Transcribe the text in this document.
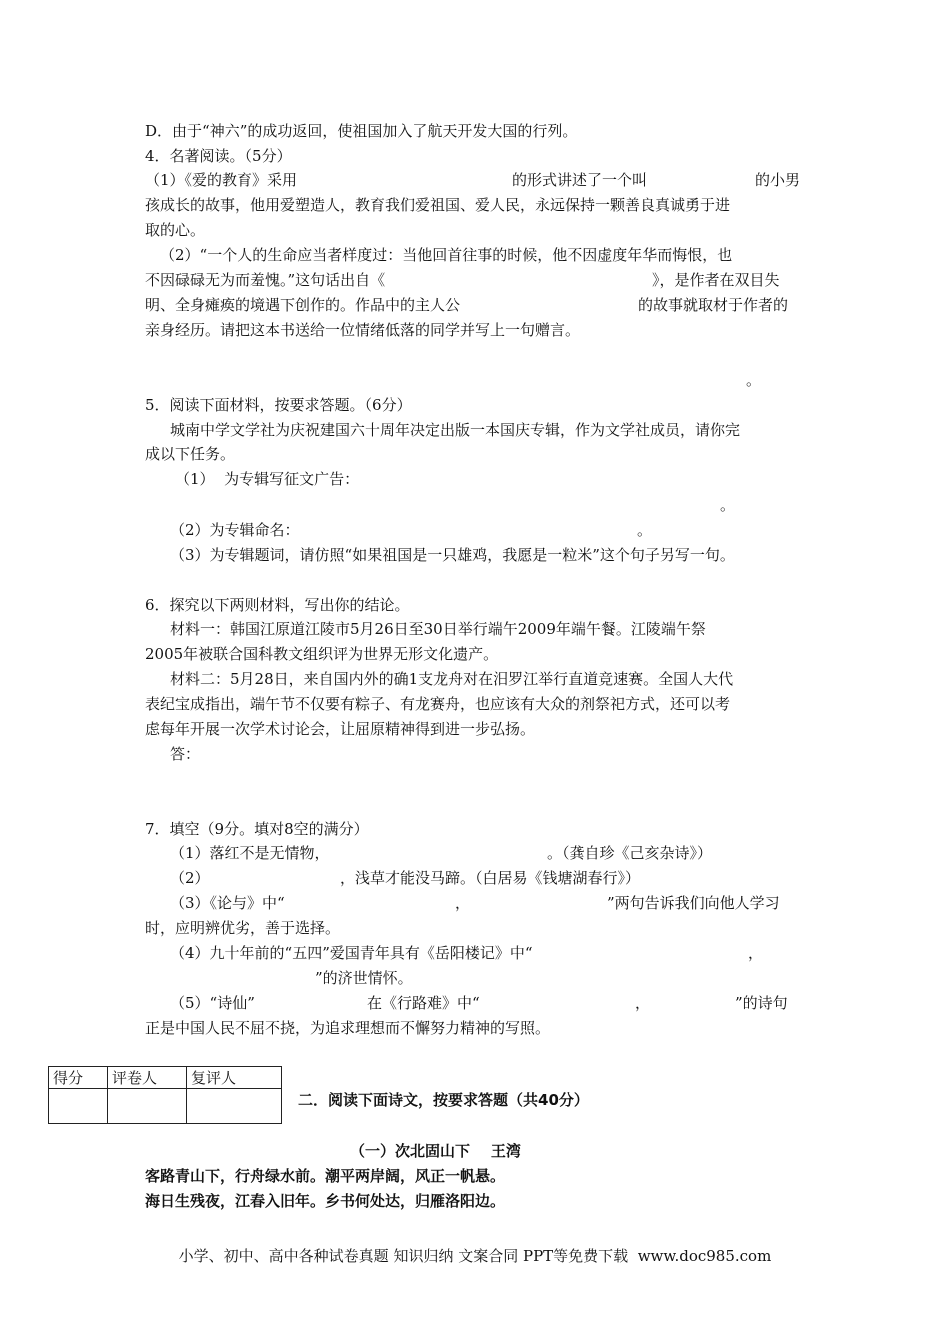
D．由于“神六”的成功返回，使祖国加入了航天开发大国的行列。

4．名著阅读。（5分）

（1）《爱的教育》采用

	的形式讲述了一个叫

	的小男

孩成长的故事，他用爱塑造人，教育我们爱祖国、爱人民，永远保持一颗善良真诚勇于进

取的心。

（2）“一个人的生命应当者样度过：当他回首往事的时候，他不因虚度年华而悔恨，也

不因碌碌无为而羞愧。”这句话出自《

	》，是作者在双目失

明、全身瘫痪的境遇下创作的。作品中的主人公

	的故事就取材于作者的

亲身经历。请把这本书送给一位情绪低落的同学并写上一句赠言。

。

5．阅读下面材料，按要求答题。（6分）

城南中学文学社为庆祝建国六十周年决定出版一本国庆专辑，作为文学社成员，请你完

成以下任务。

（1）  为专辑写征文广告：

。

（2）为专辑命名：

	。

（3）为专辑题词，请仿照“如果祖国是一只雄鸡，我愿是一粒米”这个句子另写一句。

6．探究以下两则材料，写出你的结论。

材料一：韩国江原道江陵市5月26日至30日举行端午2009年端午餐。江陵端午祭

2005年被联合国科教文组织评为世界无形文化遗产。

材料二：5月28日，来自国内外的确1支龙舟对在汨罗江举行直道竞速赛。全国人大代

表纪宝成指出，端午节不仅要有粽子、有龙赛舟，也应该有大众的剂祭祀方式，还可以考

虑每年开展一次学术讨论会，让屈原精神得到进一步弘扬。

答：

7．填空（9分。填对8空的满分）

（1）落红不是无情物，

	。（龚自珍《己亥杂诗》）

（2）

	，浅草才能没马蹄。（白居易《钱塘湖春行》）

（3）《论与》中“

	，

	”两句告诉我们向他人学习

时，应明辨优劣，善于选择。

（4）九十年前的“五四”爱国青年具有《岳阳楼记》中“

	，

”的济世情怀。

（5）“诗仙”

	在《行路难》中“

	，

	”的诗句

正是中国人民不屈不挠，为追求理想而不懈努力精神的写照。

得分	评卷人	复评人

二．阅读下面诗文，按要求答题（共40分）
（一）次北固山下    王湾
客路青山下，行舟绿水前。潮平两岸阔，风正一帆悬。
海日生残夜，江春入旧年。乡书何处达，归雁洛阳边。
小学、初中、高中各种试卷真题 知识归纳 文案合同 PPT等免费下载  www.doc985.com
